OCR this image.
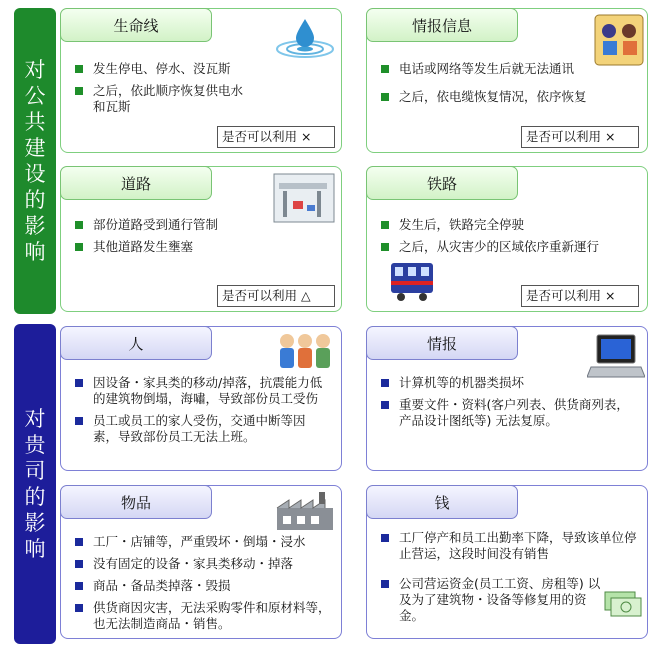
对公共建设的影响
对贵司的影响
生命线
发生停电、停水、没瓦斯
之后，依此顺序恢复供电水和瓦斯
是否可以利用 ×
情报信息
电话或网络等发生后就无法通讯
之后，依电缆恢复情况，依序恢复
是否可以利用 ×
道路
部份道路受到通行管制
其他道路发生壅塞
是否可以利用 △
铁路
发生后，铁路完全停驶
之后，从灾害少的区域依序重新運行
是否可以利用 ×
人
因设备・家具类的移动/掉落，抗震能力低的建筑物倒塌，海嘯，导致部份员工受伤
员工或员工的家人受伤，交通中断等因素，导致部份员工无法上班。
情报
计算机等的机器类损坏
重要文件・资料(客户列表、供货商列表，产品设计图纸等) 无法复原。
物品
工厂・店铺等，严重毁坏・倒塌・浸水
没有固定的设备・家具类移动・掉落
商品・备品类掉落・毁损
供货商因灾害，无法采购零件和原材料等，也无法制造商品・销售。
钱
工厂停产和员工出勤率下降，导致该单位停止营运，这段时间没有销售
公司营运资金(员工工资、房租等) 以及为了建筑物・设备等修复用的资金。
